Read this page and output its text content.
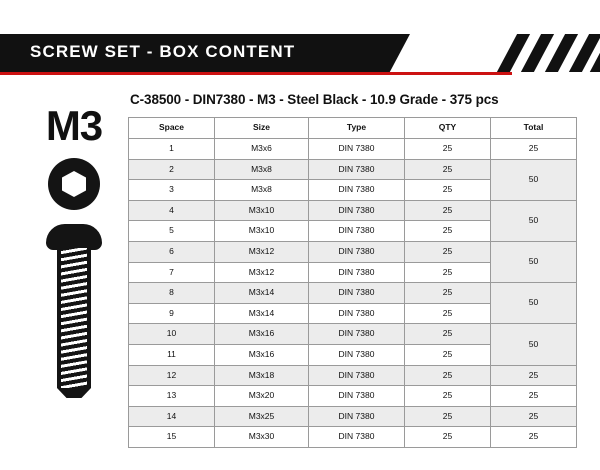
SCREW SET - BOX CONTENT
M3
C-38500 - DIN7380 - M3 - Steel Black - 10.9 Grade - 375 pcs
Space	Size	Type	QTY	Total
1	M3x6	DIN 7380	25	25
2	M3x8	DIN 7380	25	50
3	M3x8	DIN 7380	25	
4	M3x10	DIN 7380	25	50
5	M3x10	DIN 7380	25	
6	M3x12	DIN 7380	25	50
7	M3x12	DIN 7380	25	
8	M3x14	DIN 7380	25	50
9	M3x14	DIN 7380	25	
10	M3x16	DIN 7380	25	50
11	M3x16	DIN 7380	25	
12	M3x18	DIN 7380	25	25
13	M3x20	DIN 7380	25	25
14	M3x25	DIN 7380	25	25
15	M3x30	DIN 7380	25	25
